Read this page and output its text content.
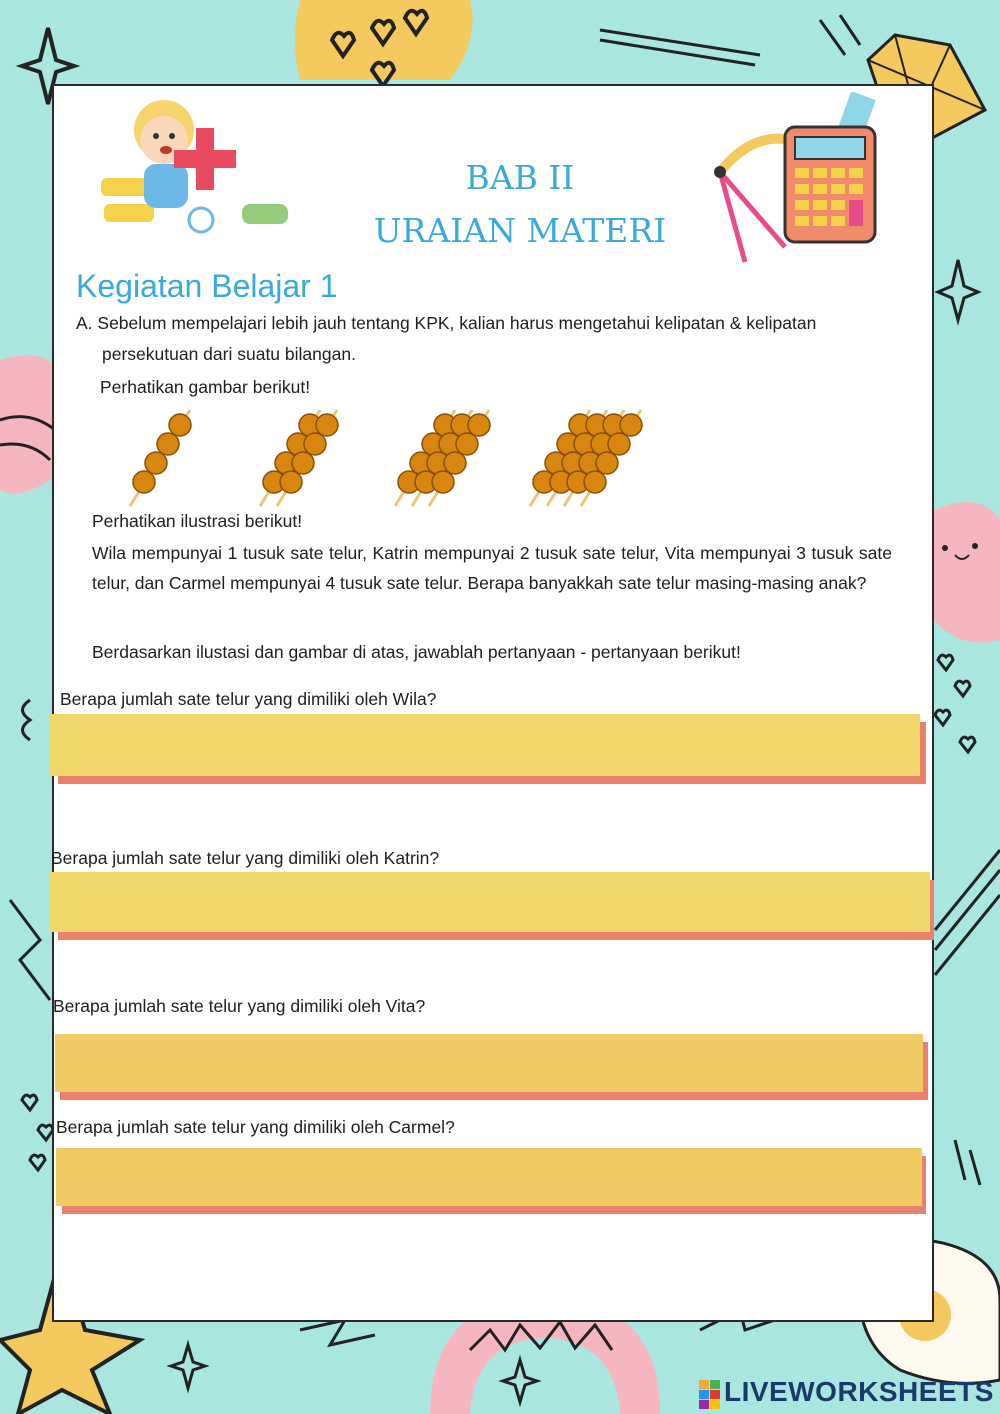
BAB II
URAIAN MATERI
Kegiatan Belajar 1
A. Sebelum mempelajari lebih jauh tentang KPK, kalian harus mengetahui kelipatan & kelipatan
persekutuan dari suatu bilangan.
Perhatikan gambar berikut!
Perhatikan ilustrasi berikut!
Wila mempunyai 1 tusuk sate telur, Katrin mempunyai 2 tusuk sate telur, Vita mempunyai 3 tusuk sate telur, dan Carmel mempunyai 4 tusuk sate telur. Berapa banyakkah sate telur masing-masing anak?
Berdasarkan ilustasi dan gambar di atas, jawablah pertanyaan - pertanyaan berikut!
Berapa jumlah sate telur yang dimiliki oleh Wila?
Berapa jumlah sate telur yang dimiliki oleh Katrin?
Berapa jumlah sate telur yang dimiliki oleh Vita?
Berapa jumlah sate telur yang dimiliki oleh Carmel?
LIVEWORKSHEETS
